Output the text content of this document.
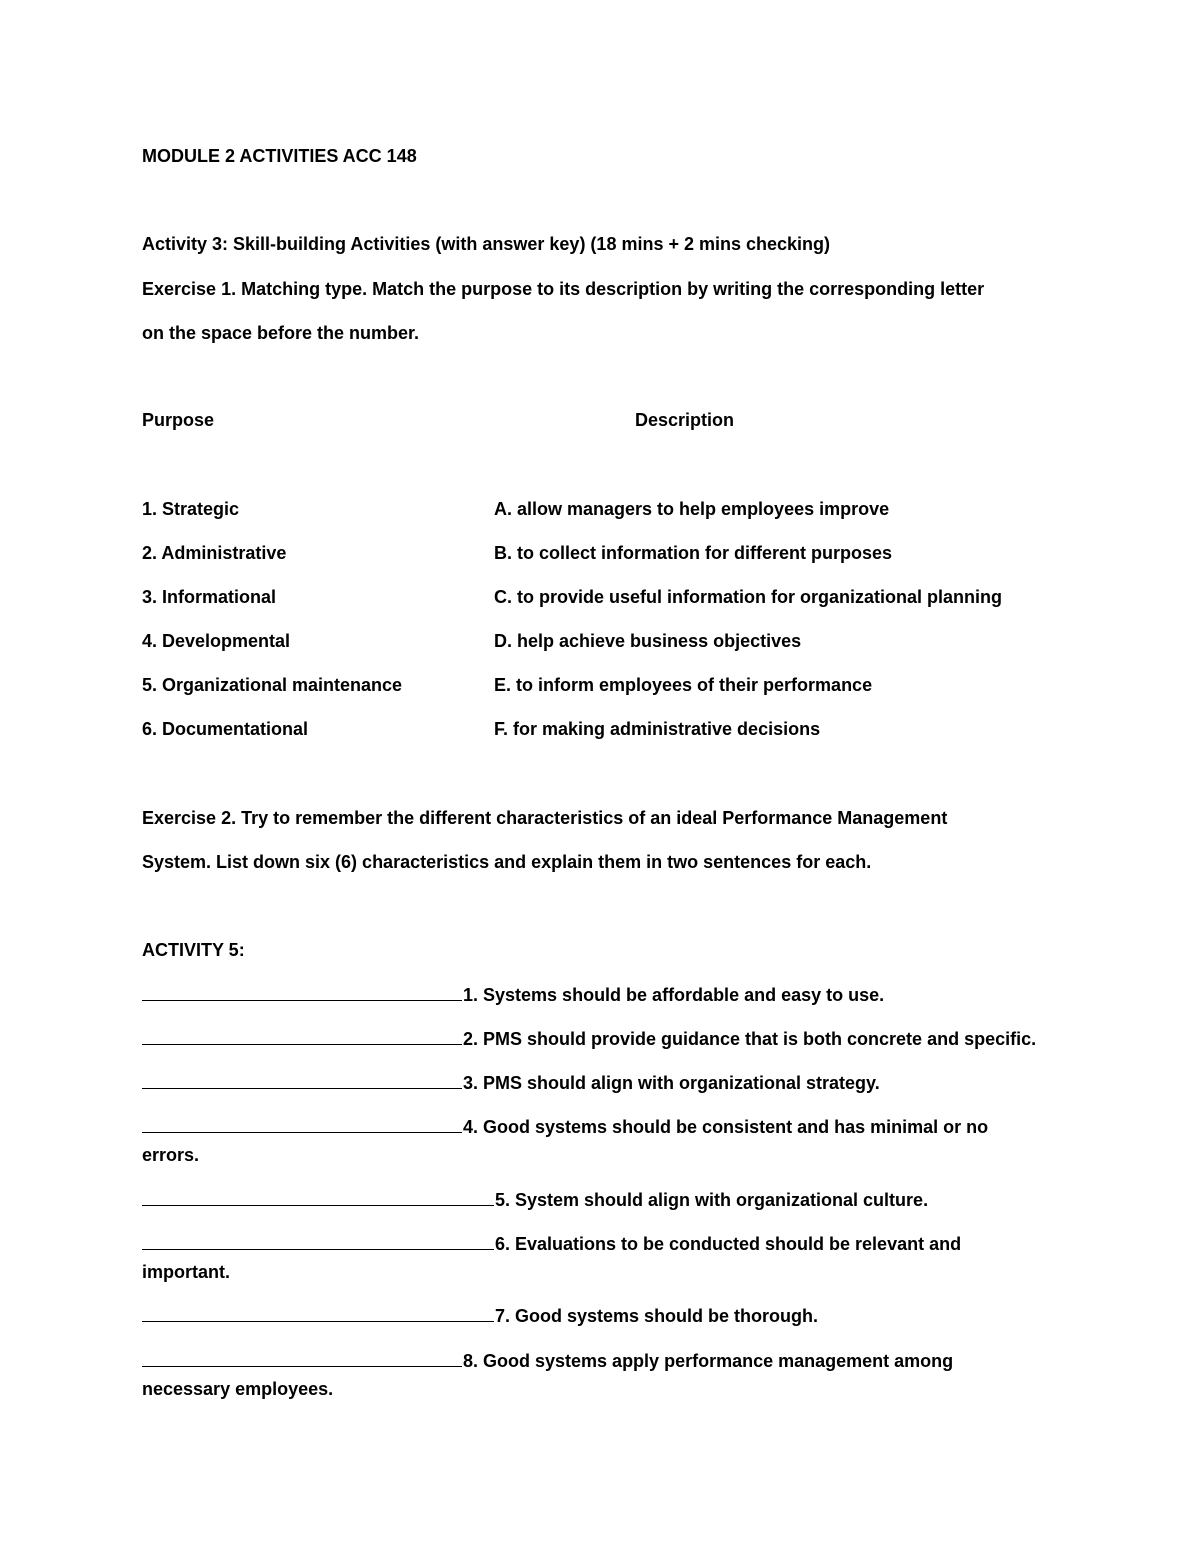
MODULE 2 ACTIVITIES ACC 148
Activity 3: Skill-building Activities (with answer key) (18 mins + 2 mins checking)
Exercise 1. Matching type. Match the purpose to its description by writing the corresponding letter
on the space before the number.
Purpose	Description
1. Strategic	A. allow managers to help employees improve
2. Administrative	B. to collect information for different purposes
3. Informational	C. to provide useful information for organizational planning
4. Developmental	D. help achieve business objectives
5. Organizational maintenance	E. to inform employees of their performance
6. Documentational	F. for making administrative decisions
Exercise 2. Try to remember the different characteristics of an ideal Performance Management
System. List down six (6) characteristics and explain them in two sentences for each.
ACTIVITY 5:
1. Systems should be affordable and easy to use.
2. PMS should provide guidance that is both concrete and specific.
3. PMS should align with organizational strategy.
4. Good systems should be consistent and has minimal or no
errors.
5. System should align with organizational culture.
6. Evaluations to be conducted should be relevant and
important.
7. Good systems should be thorough.
8. Good systems apply performance management among
necessary employees.
